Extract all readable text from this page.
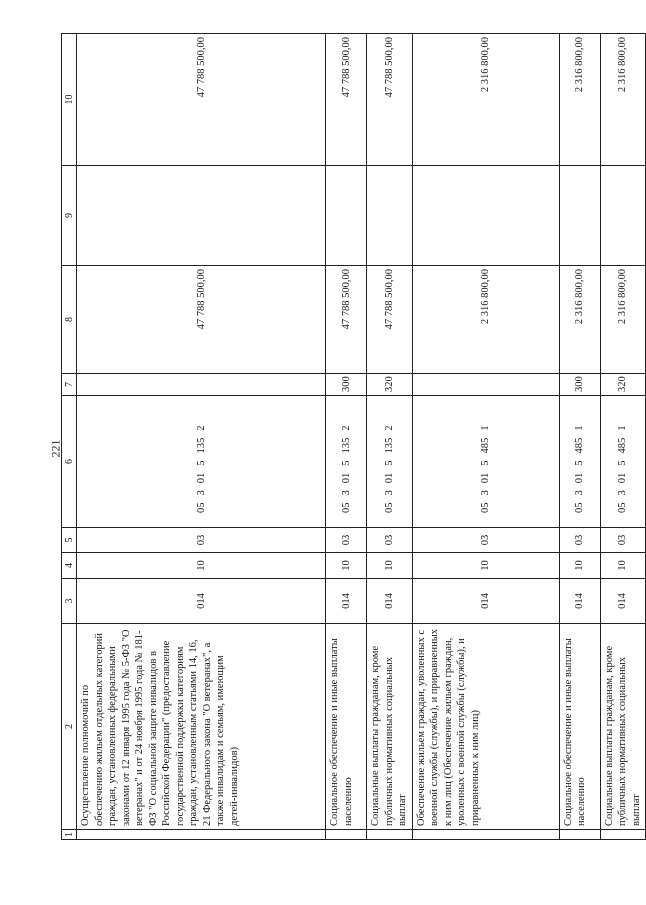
221
1	2	3	4	5	6	7	8	9	10
	Осуществление полномочий по обеспечению жильем отдельных категорий граждан, установленных федеральными законами от 12 января 1995 года № 5-ФЗ "О ветеранах" и от 24 ноября 1995 года № 181-ФЗ "О социальной защите инвалидов в Российской Федерации" (предоставление государственной поддержки категориям граждан, установленным статьями 14, 16, 21 Федерального закона "О ветеранах", а также инвалидам и семьям, имеющим детей-инвалидов)	014	10	03	0530151352		47 788 500,00		47 788 500,00
	Социальное обеспечение и иные выплаты населению	014	10	03	0530151352	300	47 788 500,00		47 788 500,00
	Социальные выплаты гражданам, кроме публичных нормативных социальных выплат	014	10	03	0530151352	320	47 788 500,00		47 788 500,00
	Обеспечение жильем граждан, уволенных с военной службы (службы), и приравненных к ним лиц (Обеспечение жильем граждан, уволенных с военной службы (службы), и приравненных к ним лиц)	014	10	03	0530154851		2 316 800,00		2 316 800,00
	Социальное обеспечение и иные выплаты населению	014	10	03	0530154851	300	2 316 800,00		2 316 800,00
	Социальные выплаты гражданам, кроме публичных нормативных социальных выплат	014	10	03	0530154851	320	2 316 800,00		2 316 800,00
